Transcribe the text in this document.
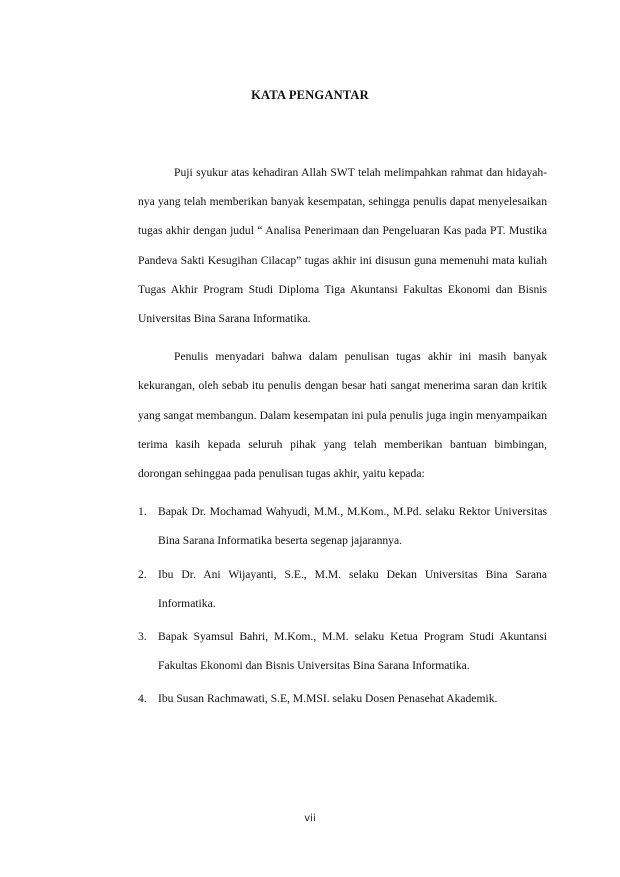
KATA PENGANTAR

Puji syukur atas kehadiran Allah SWT telah melimpahkan rahmat dan hidayah-nya yang telah memberikan banyak kesempatan, sehingga penulis dapat menyelesaikan tugas akhir dengan judul “ Analisa Penerimaan dan Pengeluaran Kas pada PT. Mustika Pandeva Sakti Kesugihan Cilacap” tugas akhir ini disusun guna memenuhi mata kuliah Tugas Akhir Program Studi Diploma Tiga Akuntansi Fakultas Ekonomi dan Bisnis Universitas Bina Sarana Informatika.

Penulis menyadari bahwa dalam penulisan tugas akhir ini masih banyak kekurangan, oleh sebab itu penulis dengan besar hati sangat menerima saran dan kritik yang sangat membangun. Dalam kesempatan ini pula penulis juga ingin menyampaikan terima kasih kepada seluruh pihak yang telah memberikan bantuan bimbingan, dorongan sehinggaa pada penulisan tugas akhir, yaitu kepada:

1. Bapak Dr. Mochamad Wahyudi, M.M., M.Kom., M.Pd. selaku Rektor Universitas Bina Sarana Informatika beserta segenap jajarannya.
2. Ibu Dr. Ani Wijayanti, S.E., M.M. selaku Dekan Universitas Bina Sarana Informatika.
3. Bapak Syamsul Bahri, M.Kom., M.M. selaku Ketua Program Studi Akuntansi Fakultas Ekonomi dan Bisnis Universitas Bina Sarana Informatika.
4. Ibu Susan Rachmawati, S.E, M.MSI. selaku Dosen Penasehat Akademik.
vii
